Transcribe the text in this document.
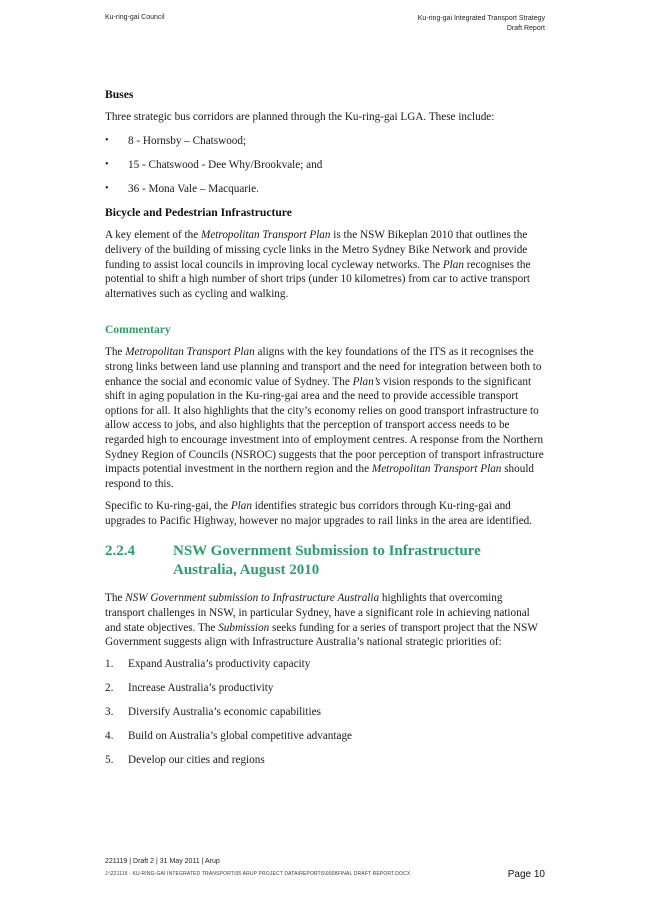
Ku-ring-gai Council	Ku-ring-gai Integrated Transport Strategy
Draft Report
Buses

Three strategic bus corridors are planned through the Ku-ring-gai LGA. These include:

•	8 - Hornsby – Chatswood;
•	15 - Chatswood - Dee Why/Brookvale; and
•	36 - Mona Vale – Macquarie.
Bicycle and Pedestrian Infrastructure

A key element of the Metropolitan Transport Plan is the NSW Bikeplan 2010 that outlines the delivery of the building of missing cycle links in the Metro Sydney Bike Network and provide funding to assist local councils in improving local cycleway networks. The Plan recognises the potential to shift a high number of short trips (under 10 kilometres) from car to active transport alternatives such as cycling and walking.

Commentary

The Metropolitan Transport Plan aligns with the key foundations of the ITS as it recognises the strong links between land use planning and transport and the need for integration between both to enhance the social and economic value of Sydney. The Plan’s vision responds to the significant shift in aging population in the Ku-ring-gai area and the need to provide accessible transport options for all. It also highlights that the city’s economy relies on good transport infrastructure to allow access to jobs, and also highlights that the perception of transport access needs to be regarded high to encourage investment into of employment centres. A response from the Northern Sydney Region of Councils (NSROC) suggests that the poor perception of transport infrastructure impacts potential investment in the northern region and the Metropolitan Transport Plan should respond to this.

Specific to Ku-ring-gai, the Plan identifies strategic bus corridors through Ku-ring-gai and upgrades to Pacific Highway, however no major upgrades to rail links in the area are identified.

2.2.4	NSW Government Submission to Infrastructure Australia, August 2010

The NSW Government submission to Infrastructure Australia highlights that overcoming transport challenges in NSW, in particular Sydney, have a significant role in achieving national and state objectives. The Submission seeks funding for a series of transport project that the NSW Government suggests align with Infrastructure Australia’s national strategic priorities of:

1.	Expand Australia’s productivity capacity
2.	Increase Australia’s productivity
3.	Diversify Australia’s economic capabilities
4.	Build on Australia’s global competitive advantage
5.	Develop our cities and regions
221119 | Draft 2 | 31 May 2011 | Arup
J:\221119 - KU-RING-GAI INTEGRATED TRANSPORT\05 ARUP PROJECT DATA\REPORTS\0008FINAL DRAFT REPORT.DOCX	Page 10
